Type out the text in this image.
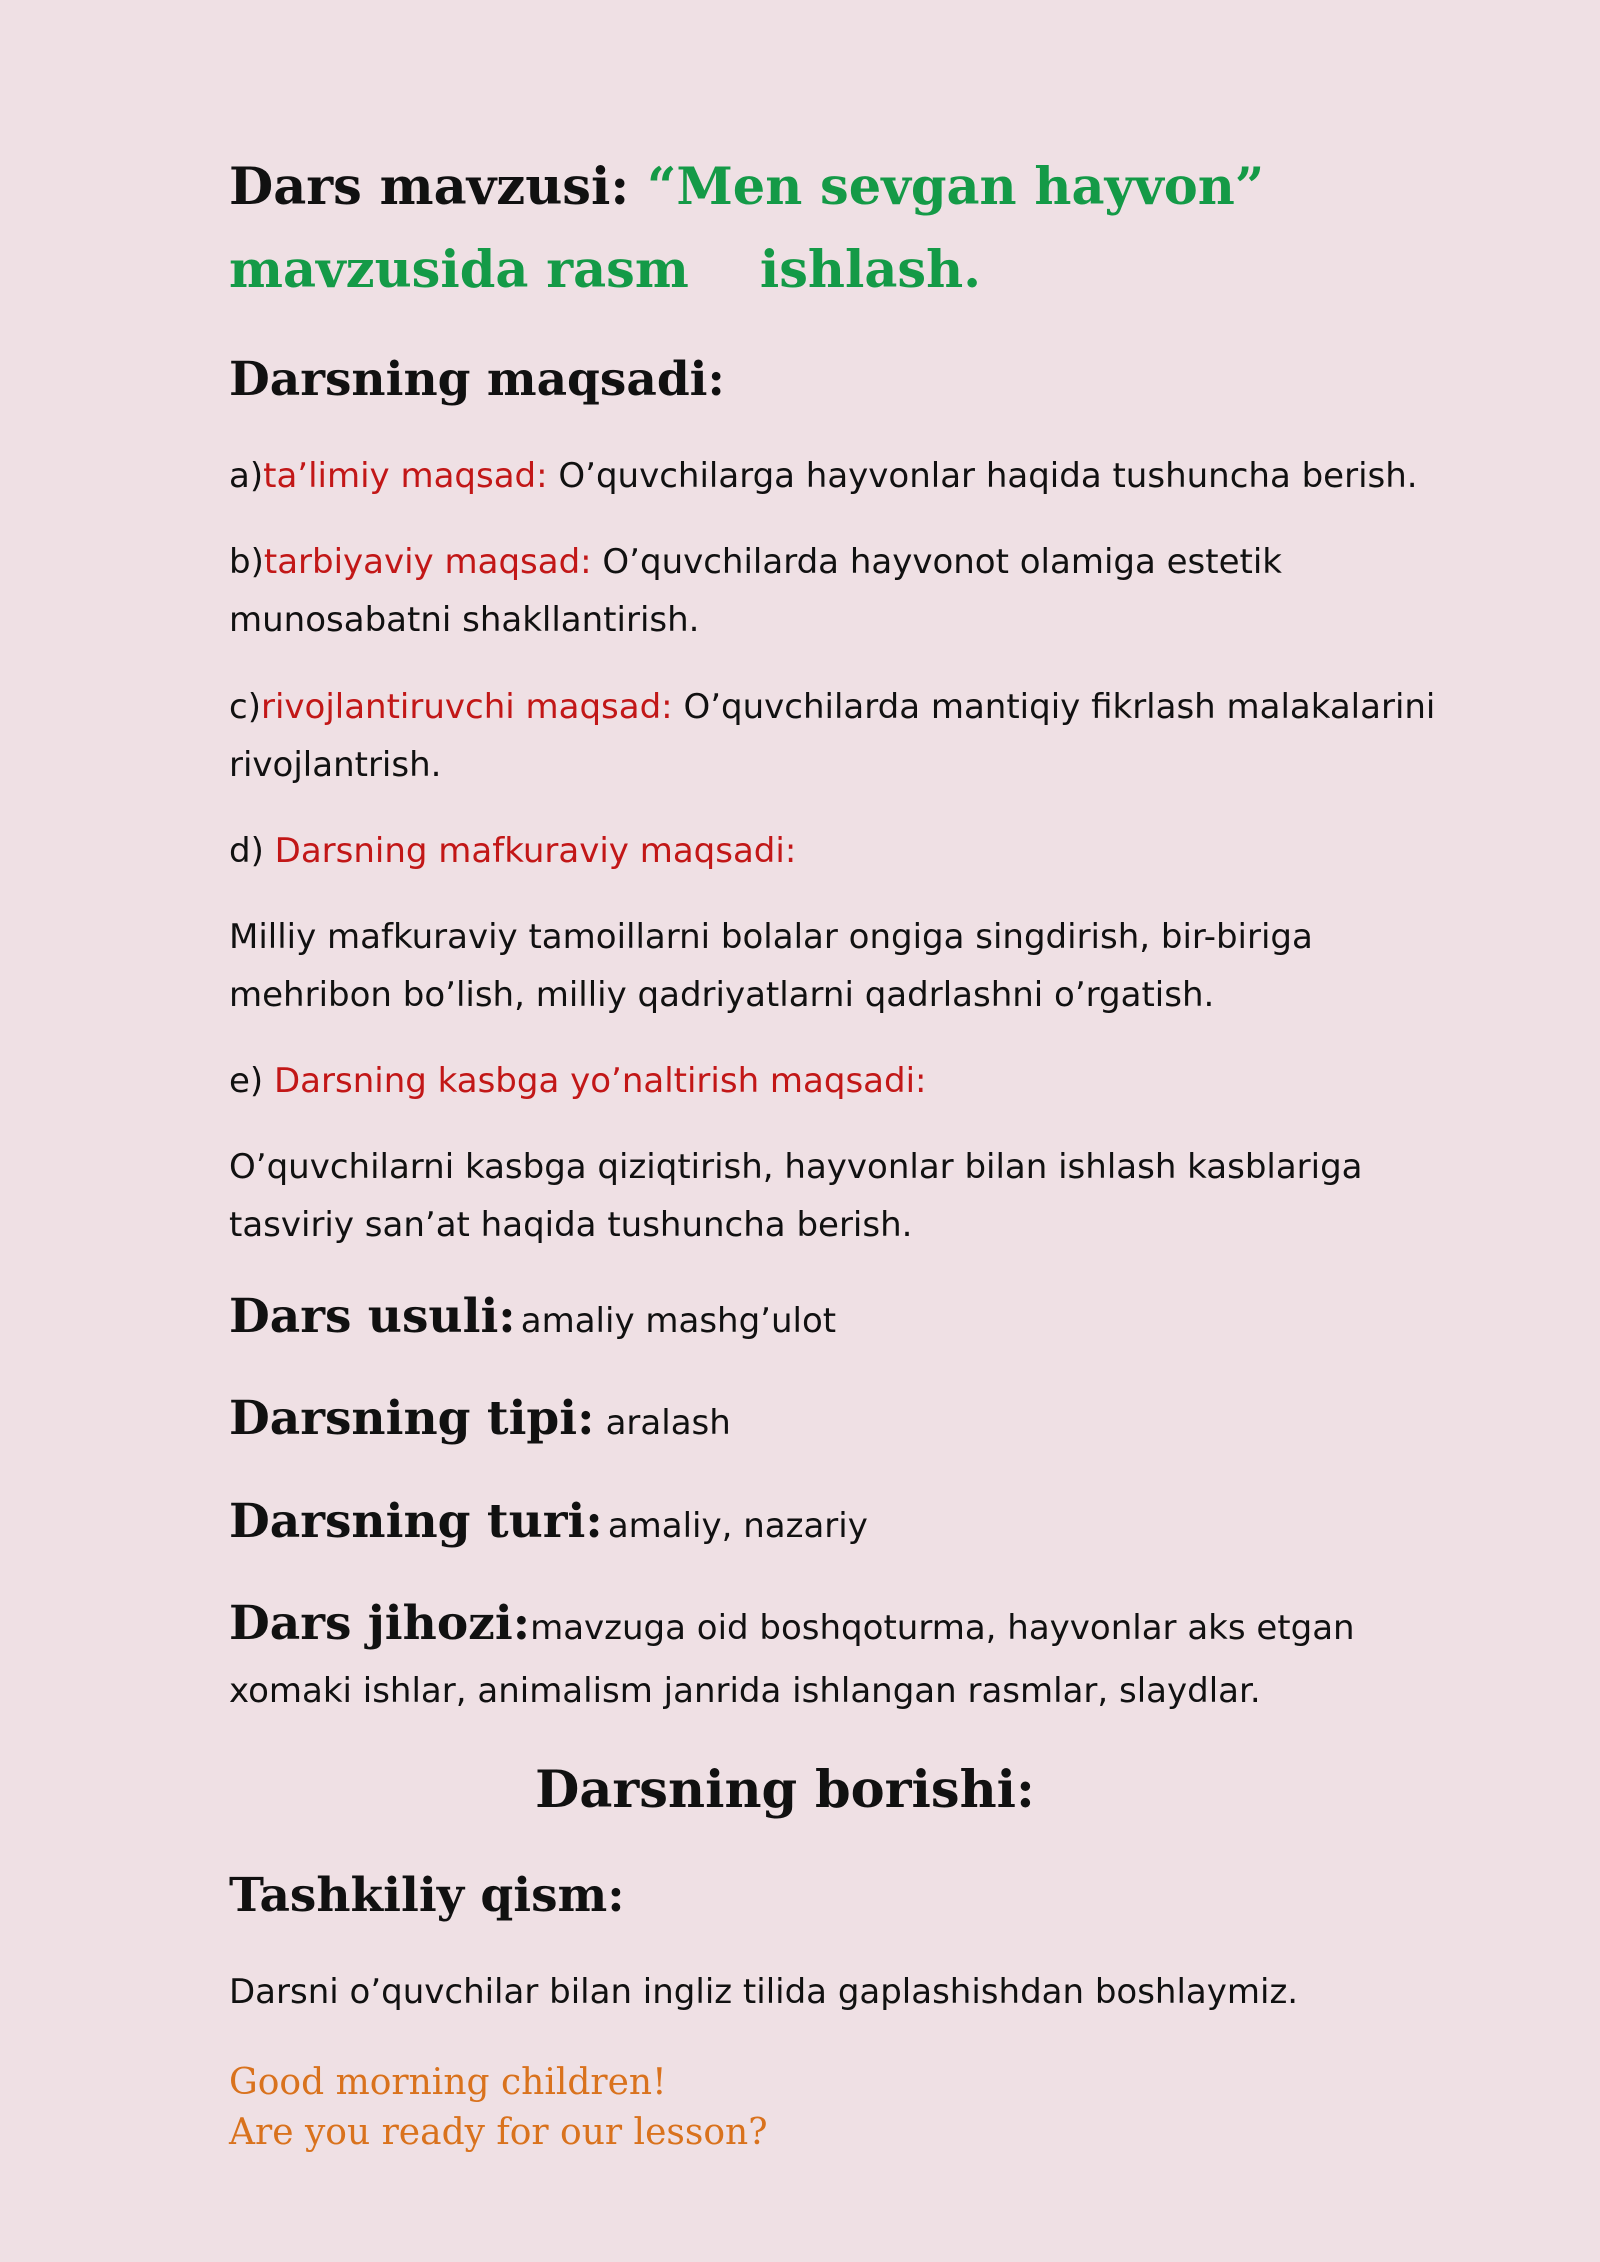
Dars mavzusi: “Men sevgan hayvon”
mavzusida rasm    ishlash.
Darsning maqsadi:
a)ta’limiy maqsad: O’quvchilarga hayvonlar haqida tushuncha berish.
b)tarbiyaviy maqsad: O’quvchilarda hayvonot olamiga estetik
munosabatni shakllantirish.
c)rivojlantiruvchi maqsad: O’quvchilarda mantiqiy fikrlash malakalarini
rivojlantrish.
d) Darsning mafkuraviy maqsadi:
Milliy mafkuraviy tamoillarni bolalar ongiga singdirish, bir-biriga
mehribon bo’lish, milliy qadriyatlarni qadrlashni o’rgatish.
e) Darsning kasbga yo’naltirish maqsadi:
O’quvchilarni kasbga qiziqtirish, hayvonlar bilan ishlash kasblariga
tasviriy san’at haqida tushuncha berish.
Dars usuli: amaliy mashg’ulot
Darsning tipi: aralash
Darsning turi: amaliy, nazariy
Dars jihozi:mavzuga oid boshqoturma, hayvonlar aks etgan
xomaki ishlar, animalism janrida ishlangan rasmlar, slaydlar.
Darsning borishi:
Tashkiliy qism:
Darsni o’quvchilar bilan ingliz tilida gaplashishdan boshlaymiz.
Good morning children!
Are you ready for our lesson?
